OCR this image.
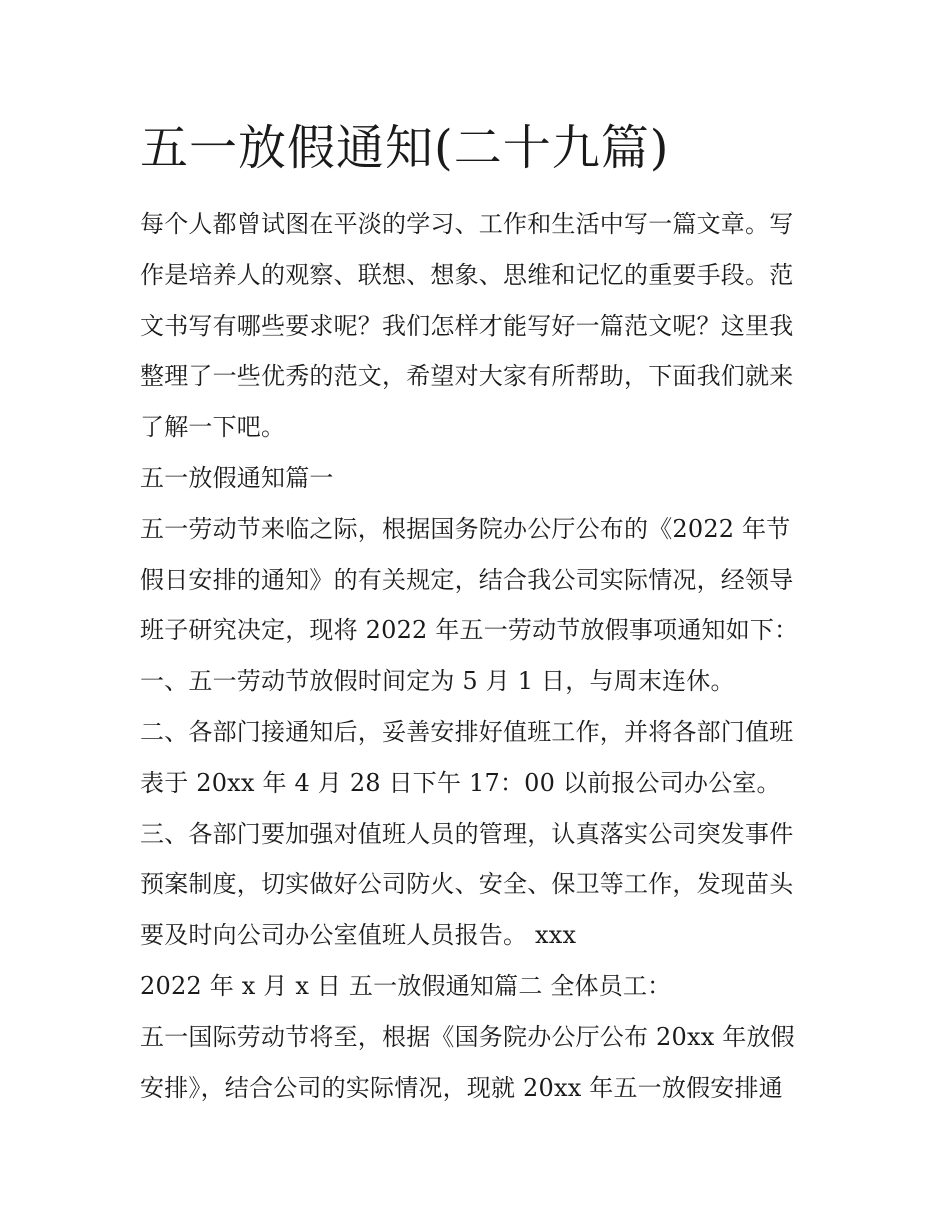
五一放假通知(二十九篇)
每个人都曾试图在平淡的学习、工作和生活中写一篇文章。写
作是培养人的观察、联想、想象、思维和记忆的重要手段。范
文书写有哪些要求呢？我们怎样才能写好一篇范文呢？这里我
整理了一些优秀的范文，希望对大家有所帮助，下面我们就来
了解一下吧。
五一放假通知篇一
五一劳动节来临之际，根据国务院办公厅公布的《2022 年节
假日安排的通知》的有关规定，结合我公司实际情况，经领导
班子研究决定，现将 2022 年五一劳动节放假事项通知如下：
一、五一劳动节放假时间定为 5 月 1 日，与周末连休。
二、各部门接通知后，妥善安排好值班工作，并将各部门值班
表于 20xx 年 4 月 28 日下午 17：00 以前报公司办公室。
三、各部门要加强对值班人员的管理，认真落实公司突发事件
预案制度，切实做好公司防火、安全、保卫等工作，发现苗头
要及时向公司办公室值班人员报告。 xxx
2022 年 x 月 x 日 五一放假通知篇二 全体员工：
五一国际劳动节将至，根据《国务院办公厅公布 20xx 年放假
安排》，结合公司的实际情况，现就 20xx 年五一放假安排通
